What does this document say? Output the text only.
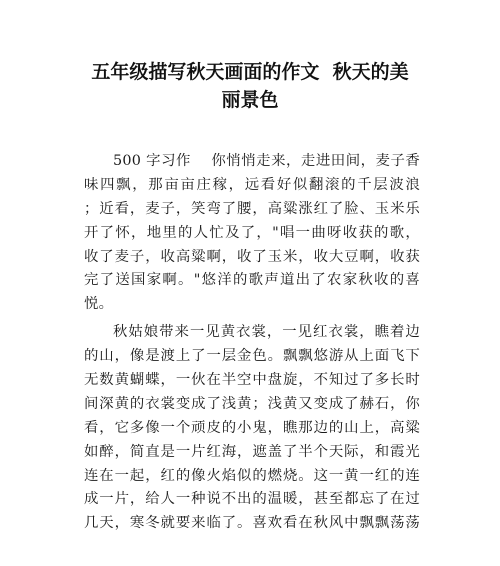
五年级描写秋天画面的作文  秋天的美
丽景色
500 字习作    你悄悄走来，走进田间，麦子香
味四飘，那亩亩庄稼，远看好似翻滚的千层波浪
；近看，麦子，笑弯了腰，高粱涨红了脸、玉米乐
开了怀，地里的人忙及了，"唱一曲呀收获的歌，
收了麦子，收高粱啊，收了玉米，收大豆啊，收获
完了送国家啊。"悠洋的歌声道出了农家秋收的喜
悦。
秋姑娘带来一见黄衣裳，一见红衣裳，瞧着边
的山，像是渡上了一层金色。飘飘悠游从上面飞下
无数黄蝴蝶，一伙在半空中盘旋，不知过了多长时
间深黄的衣裳变成了浅黄；浅黄又变成了赫石，你
看，它多像一个顽皮的小鬼，瞧那边的山上，高粱
如醉，简直是一片红海，遮盖了半个天际，和霞光
连在一起，红的像火焰似的燃烧。这一黄一红的连
成一片，给人一种说不出的温暖，甚至都忘了在过
几天，寒冬就要来临了。喜欢看在秋风中飘飘荡荡
